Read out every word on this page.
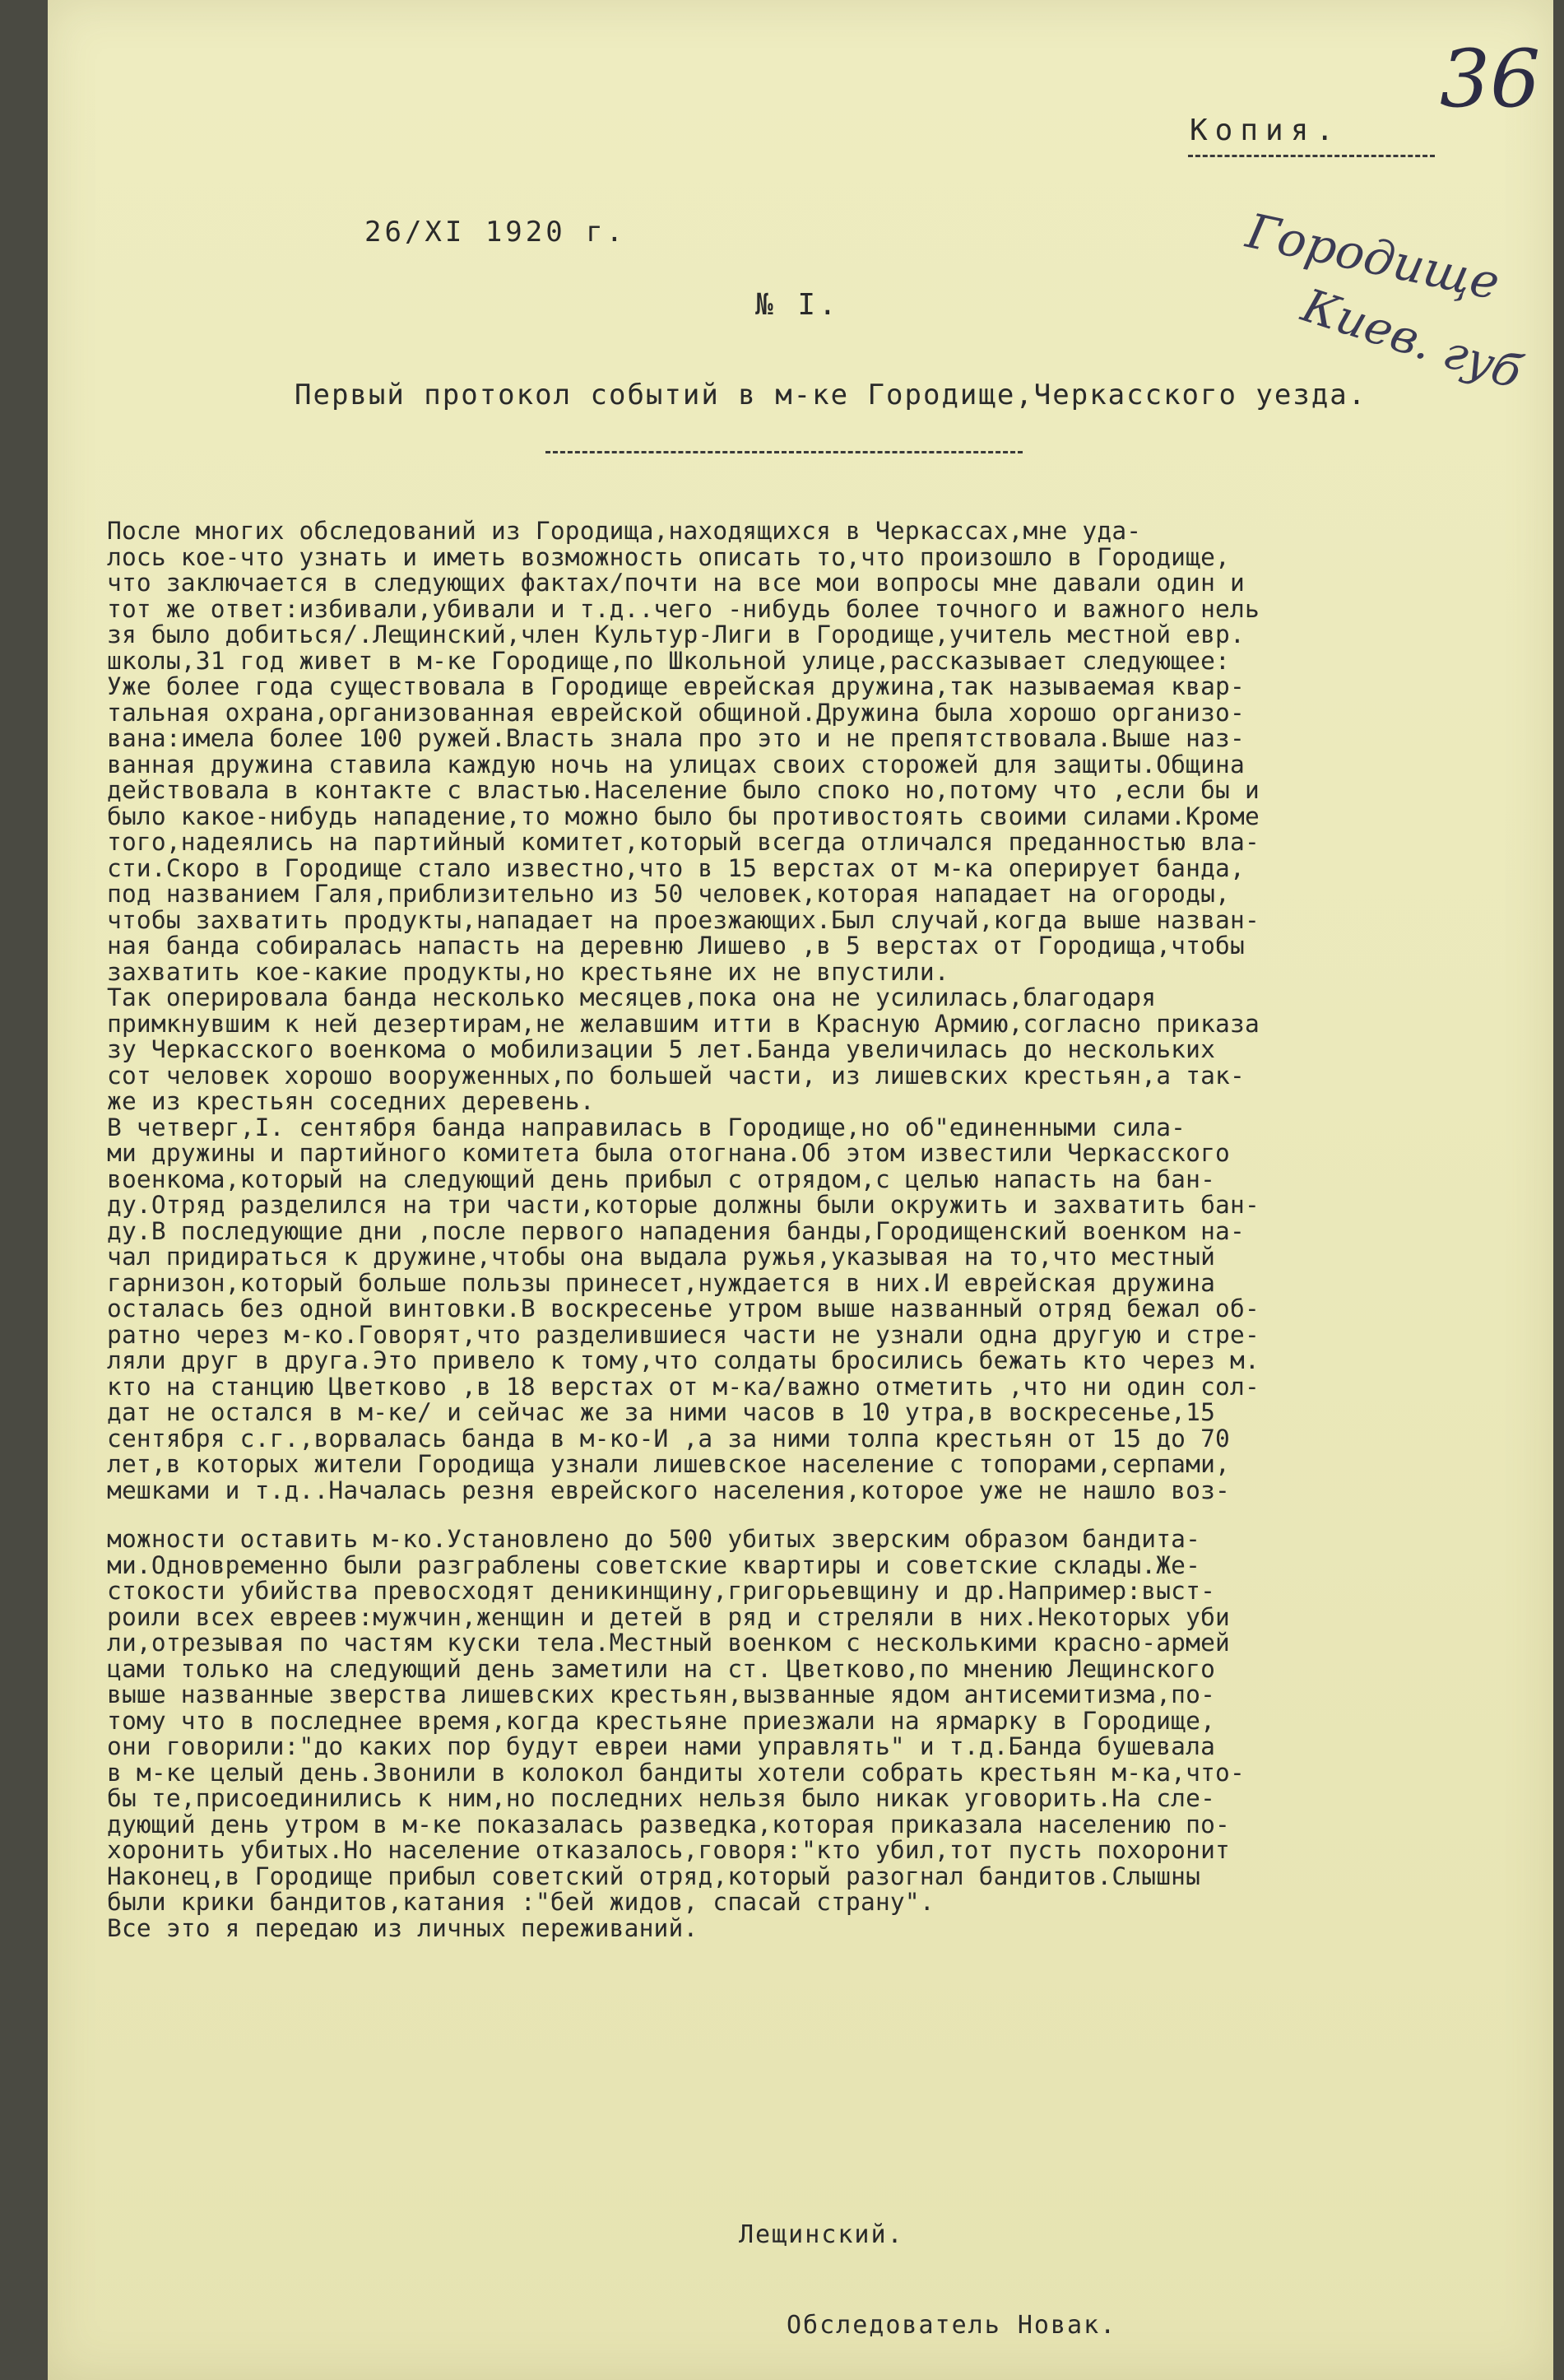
Копия.
36
Городище
Киев. губ
26/XI 1920 г.
№ I.
Первый протокол событий в м-ке Городище,Черкасского уезда.
После многих обследований из Городища,находящихся в Черкассах,мне уда-
лось кое-что узнать и иметь возможность описать то,что произошло в Городище,
что заключается в следующих фактах/почти на все мои вопросы мне давали один и
тот же ответ:избивали,убивали и т.д..чего -нибудь более точного и важного нель
зя было добиться/.Лещинский,член Культур-Лиги в Городище,учитель местной евр.
школы,31 год живет в м-ке Городище,по Школьной улице,рассказывает следующее:
Уже более года существовала в Городище еврейская дружина,так называемая квар-
тальная охрана,организованная еврейской общиной.Дружина была хорошо организо-
вана:имела более 100 ружей.Власть знала про это и не препятствовала.Выше наз-
ванная дружина ставила каждую ночь на улицах своих сторожей для защиты.Община
действовала в контакте с властью.Население было споко но,потому что ,если бы и
было какое-нибудь нападение,то можно было бы противостоять своими силами.Кроме
того,надеялись на партийный комитет,который всегда отличался преданностью вла-
сти.Скоро в Городище стало известно,что в 15 верстах от м-ка оперирует банда,
под названием Галя,приблизительно из 50 человек,которая нападает на огороды,
чтобы захватить продукты,нападает на проезжающих.Был случай,когда выше назван-
ная банда собиралась напасть на деревню Лишево ,в 5 верстах от Городища,чтобы
захватить кое-какие продукты,но крестьяне их не впустили.
Так оперировала банда несколько месяцев,пока она не усилилась,благодаря
примкнувшим к ней дезертирам,не желавшим итти в Красную Армию,согласно приказа
зу Черкасского военкома о мобилизации 5 лет.Банда увеличилась до нескольких
сот человек хорошо вооруженных,по большей части, из лишевских крестьян,а так-
же из крестьян соседних деревень.
В четверг,I. сентября банда направилась в Городище,но об"единенными сила-
ми дружины и партийного комитета была отогнана.Об этом известили Черкасского
военкома,который на следующий день прибыл с отрядом,с целью напасть на бан-
ду.Отряд разделился на три части,которые должны были окружить и захватить бан-
ду.В последующие дни ,после первого нападения банды,Городищенский военком на-
чал придираться к дружине,чтобы она выдала ружья,указывая на то,что местный
гарнизон,который больше пользы принесет,нуждается в них.И еврейская дружина
осталась без одной винтовки.В воскресенье утром выше названный отряд бежал об-
ратно через м-ко.Говорят,что разделившиеся части не узнали одна другую и стре-
ляли друг в друга.Это привело к тому,что солдаты бросились бежать кто через м.
кто на станцию Цветково ,в 18 верстах от м-ка/важно отметить ,что ни один сол-
дат не остался в м-ке/ и сейчас же за ними часов в 10 утра,в воскресенье,15
сентября с.г.,ворвалась банда в м-ко-И ,а за ними толпа крестьян от 15 до 70
лет,в которых жители Городища узнали лишевское население с топорами,серпами,
мешками и т.д..Началась резня еврейского населения,которое уже не нашло воз-
можности оставить м-ко.Установлено до 500 убитых зверским образом бандита-
ми.Одновременно были разграблены советские квартиры и советские склады.Же-
стокости убийства превосходят деникинщину,григорьевщину и др.Например:выст-
роили всех евреев:мужчин,женщин и детей в ряд и стреляли в них.Некоторых уби
ли,отрезывая по частям куски тела.Местный военком с несколькими красно-армей
цами только на следующий день заметили на ст. Цветково,по мнению Лещинского
выше названные зверства лишевских крестьян,вызванные ядом антисемитизма,по-
тому что в последнее время,когда крестьяне приезжали на ярмарку в Городище,
они говорили:"до каких пор будут евреи нами управлять" и т.д.Банда бушевала
в м-ке целый день.Звонили в колокол бандиты хотели собрать крестьян м-ка,что-
бы те,присоединились к ним,но последних нельзя было никак уговорить.На сле-
дующий день утром в м-ке показалась разведка,которая приказала населению по-
хоронить убитых.Но население отказалось,говоря:"кто убил,тот пусть похоронит
Наконец,в Городище прибыл советский отряд,который разогнал бандитов.Слышны
были крики бандитов,катания :"бей жидов, спасай страну".
Все это я передаю из личных переживаний.
Лещинский.
Обследователь Новак.
